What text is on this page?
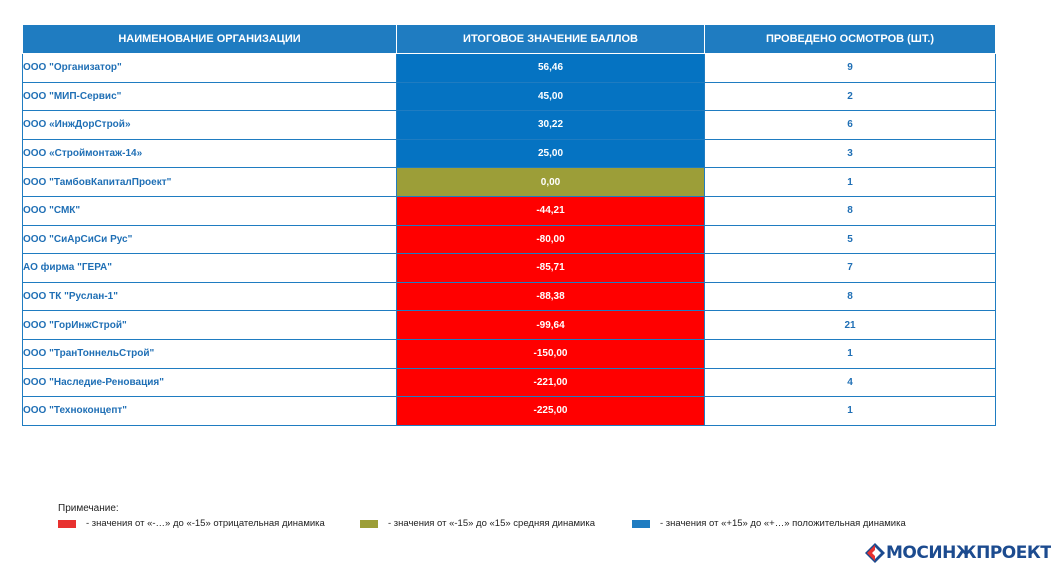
НАИМЕНОВАНИЕ ОРГАНИЗАЦИИ	ИТОГОВОЕ ЗНАЧЕНИЕ БАЛЛОВ	ПРОВЕДЕНО ОСМОТРОВ (ШТ.)
ООО "Организатор"	56,46	9
ООО "МИП-Сервис"	45,00	2
ООО «ИнжДорСтрой»	30,22	6
ООО «Строймонтаж-14»	25,00	3
ООО "ТамбовКапиталПроект"	0,00	1
ООО "СМК"	-44,21	8
ООО "СиАрСиСи Рус"	-80,00	5
АО фирма "ГЕРА"	-85,71	7
ООО ТК "Руслан-1"	-88,38	8
ООО "ГорИнжСтрой"	-99,64	21
ООО "ТранТоннельСтрой"	-150,00	1
ООО "Наследие-Реновация"	-221,00	4
ООО "Техноконцепт"	-225,00	1
Примечание:
- значения от «-…» до «-15» отрицательная динамика	- значения от «-15» до «15» средняя динамика	- значения от «+15» до «+…» положительная динамика
МОСИНЖПРОЕКТ
